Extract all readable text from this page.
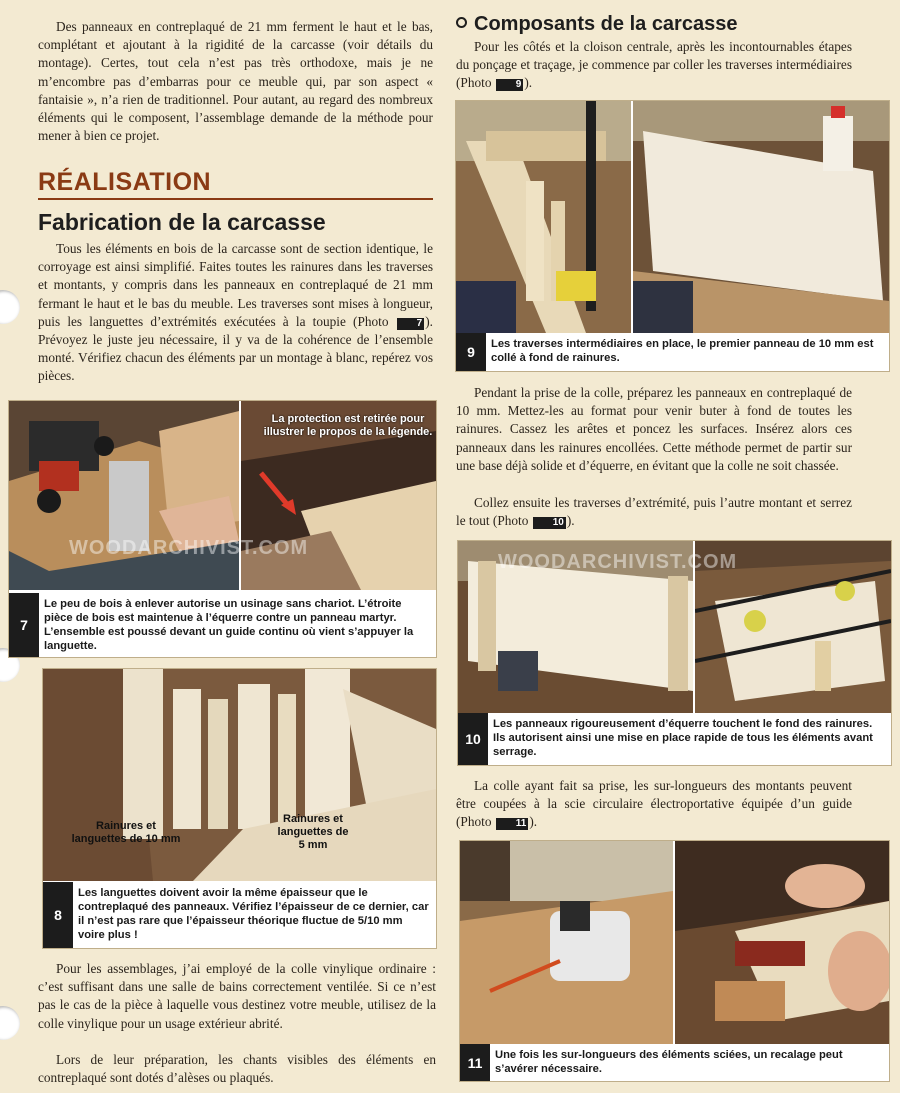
Des panneaux en contreplaqué de 21 mm ferment le haut et le bas, complétant et ajoutant à la rigidité de la carcasse (voir détails du montage). Certes, tout cela n’est pas très orthodoxe, mais je ne m’encombre pas d’embarras pour ce meuble qui, par son aspect « fantaisie », n’a rien de traditionnel. Pour autant, au regard des nombreux éléments qui le composent, l’assemblage demande de la méthode pour mener à bien ce projet.

RÉALISATION
Fabrication de la carcasse

Tous les éléments en bois de la carcasse sont de section identique, le corroyage est ainsi simplifié. Faites toutes les rainures dans les traverses et montants, y compris dans les panneaux en contreplaqué de 21 mm fermant le haut et le bas du meuble. Les traverses sont mises à longueur, puis les languettes d’extrémités exécutées à la toupie (Photo 7 ). Prévoyez le juste jeu nécessaire, il y va de la cohérence de l’ensemble monté. Vérifiez chacun des éléments par un montage à blanc, repérez vos pièces.

La protection est retirée pour illustrer le propos de la légende.
WOODARCHIVIST.COM
7
Le peu de bois à enlever autorise un usinage sans chariot. L’étroite pièce de bois est maintenue à l’équerre contre un panneau martyr. L’ensemble est poussé devant un guide continu où vient s’appuyer la languette.
Rainures et languettes de 10 mm
Rainures et languettes de 5 mm
8
Les languettes doivent avoir la même épaisseur que le contreplaqué des panneaux. Vérifiez l’épaisseur de ce dernier, car il n’est pas rare que l’épaisseur théorique fluctue de 5/10 mm voire plus !

Pour les assemblages, j’ai employé de la colle vinylique ordinaire : c’est suffisant dans une salle de bains correctement ventilée. Si ce n’est pas le cas de la pièce à laquelle vous destinez votre meuble, utilisez de la colle vinylique pour un usage extérieur abrité.

Lors de leur préparation, les chants visibles des éléments en contreplaqué sont dotés d’alèses ou plaqués.

Composants de la carcasse

Pour les côtés et la cloison centrale, après les incontournables étapes du ponçage et traçage, je commence par coller les traverses intermédiaires (Photo 9 ).

9	Les traverses intermédiaires en place, le premier panneau de 10 mm est collé à fond de rainures.

Pendant la prise de la colle, préparez les panneaux en contreplaqué de 10 mm. Mettez-les au format pour venir buter à fond de toutes les rainures. Cassez les arêtes et poncez les surfaces. Insérez alors ces panneaux dans les rainures encollées. Cette méthode permet de partir sur une base déjà solide et d’équerre, en évitant que la colle ne soit chassée.

Collez ensuite les traverses d’extrémité, puis l’autre montant et serrez le tout (Photo 10 ).

WOODARCHIVIST.COM
10
Les panneaux rigoureusement d’équerre touchent le fond des rainures. Ils autorisent ainsi une mise en place rapide de tous les éléments avant serrage.

La colle ayant fait sa prise, les sur-longueurs des montants peuvent être coupées à la scie circulaire électroportative équipée d’un guide (Photo 11 ).

11	Une fois les sur-longueurs des éléments sciées, un recalage peut s’avérer nécessaire.
